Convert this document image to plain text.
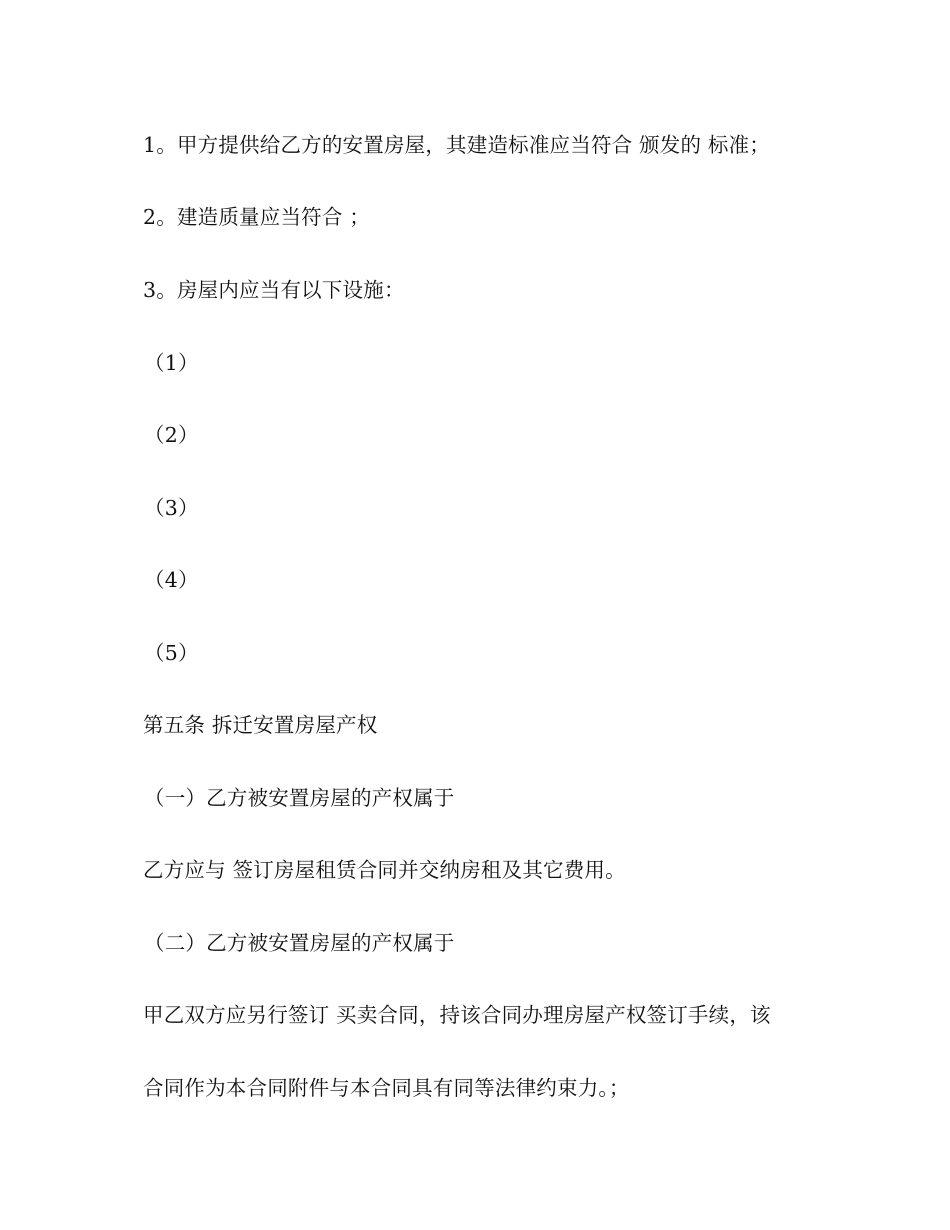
1。甲方提供给乙方的安置房屋，其建造标准应当符合 颁发的 标准；
2。建造质量应当符合 ；
3。房屋内应当有以下设施：
（1）
（2）
（3）
（4）
（5）
第五条 拆迁安置房屋产权
（一）乙方被安置房屋的产权属于
乙方应与 签订房屋租赁合同并交纳房租及其它费用。
（二）乙方被安置房屋的产权属于
甲乙双方应另行签订 买卖合同，持该合同办理房屋产权签订手续，该
合同作为本合同附件与本合同具有同等法律约束力。；
